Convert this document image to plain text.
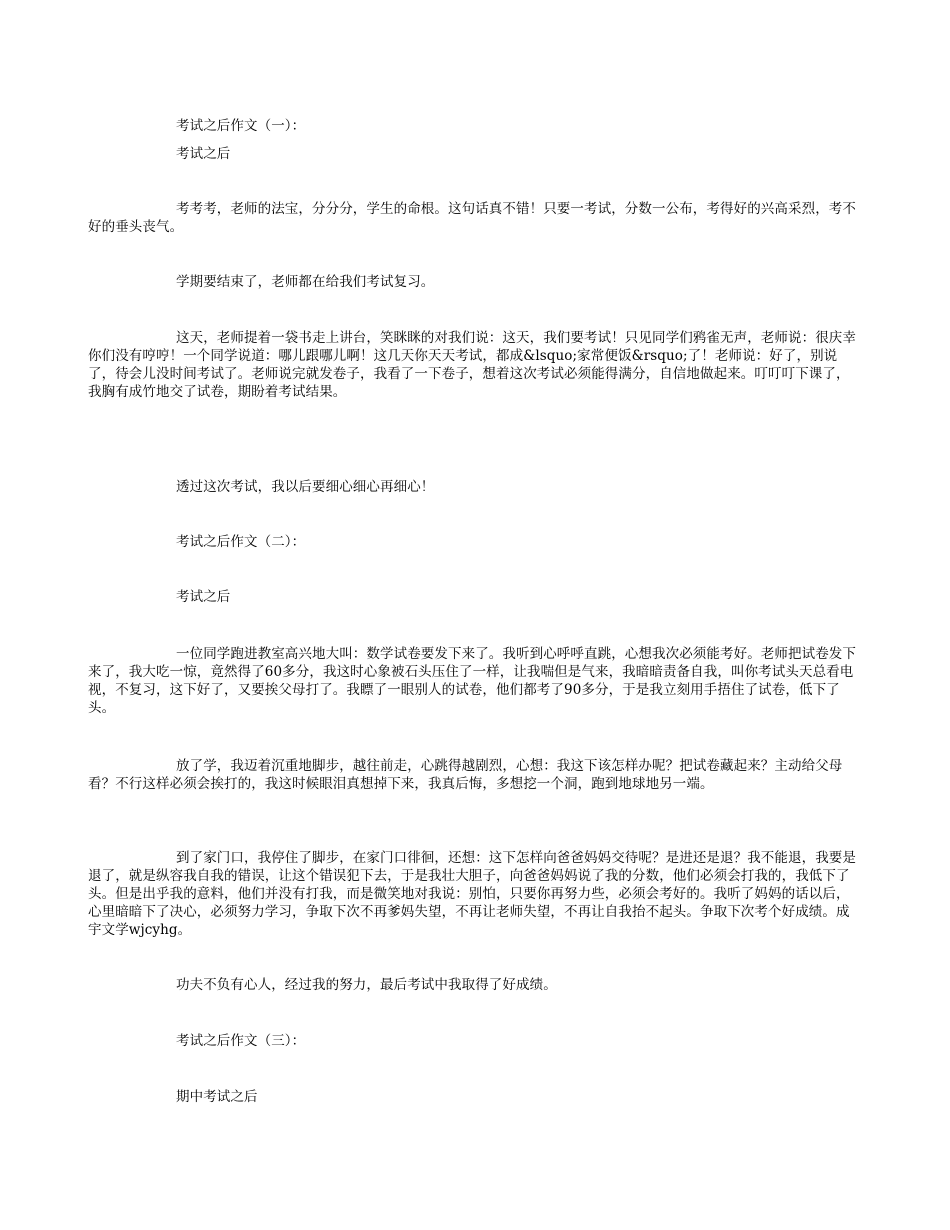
考试之后作文（一）：
考试之后
考考考，老师的法宝，分分分，学生的命根。这句话真不错！只要一考试，分数一公布，考得好的兴高采烈，考不好的垂头丧气。
学期要结束了，老师都在给我们考试复习。
这天，老师提着一袋书走上讲台，笑眯眯的对我们说：这天，我们要考试！只见同学们鸦雀无声，老师说：很庆幸你们没有哼哼！一个同学说道：哪儿跟哪儿啊！这几天你天天考试，都成&lsquo;家常便饭&rsquo;了！老师说：好了，别说了，待会儿没时间考试了。老师说完就发卷子，我看了一下卷子，想着这次考试必须能得满分，自信地做起来。叮叮叮下课了，我胸有成竹地交了试卷，期盼着考试结果。
透过这次考试，我以后要细心细心再细心！
考试之后作文（二）：
考试之后
一位同学跑进教室高兴地大叫：数学试卷要发下来了。我听到心呼呼直跳，心想我次必须能考好。老师把试卷发下来了，我大吃一惊，竟然得了60多分，我这时心象被石头压住了一样，让我喘但是气来，我暗暗责备自我，叫你考试头天总看电视，不复习，这下好了，又要挨父母打了。我瞟了一眼别人的试卷，他们都考了90多分，于是我立刻用手捂住了试卷，低下了头。
放了学，我迈着沉重地脚步，越往前走，心跳得越剧烈，心想：我这下该怎样办呢？把试卷藏起来？主动给父母看？不行这样必须会挨打的，我这时候眼泪真想掉下来，我真后悔，多想挖一个洞，跑到地球地另一端。
到了家门口，我停住了脚步，在家门口徘徊，还想：这下怎样向爸爸妈妈交待呢？是进还是退？我不能退，我要是退了，就是纵容我自我的错误，让这个错误犯下去，于是我壮大胆子，向爸爸妈妈说了我的分数，他们必须会打我的，我低下了头。但是出乎我的意料，他们并没有打我，而是微笑地对我说：别怕，只要你再努力些，必须会考好的。我听了妈妈的话以后，心里暗暗下了决心，必须努力学习，争取下次不再爹妈失望，不再让老师失望，不再让自我抬不起头。争取下次考个好成绩。成宇文学wjcyhg。
功夫不负有心人，经过我的努力，最后考试中我取得了好成绩。
考试之后作文（三）：
期中考试之后
